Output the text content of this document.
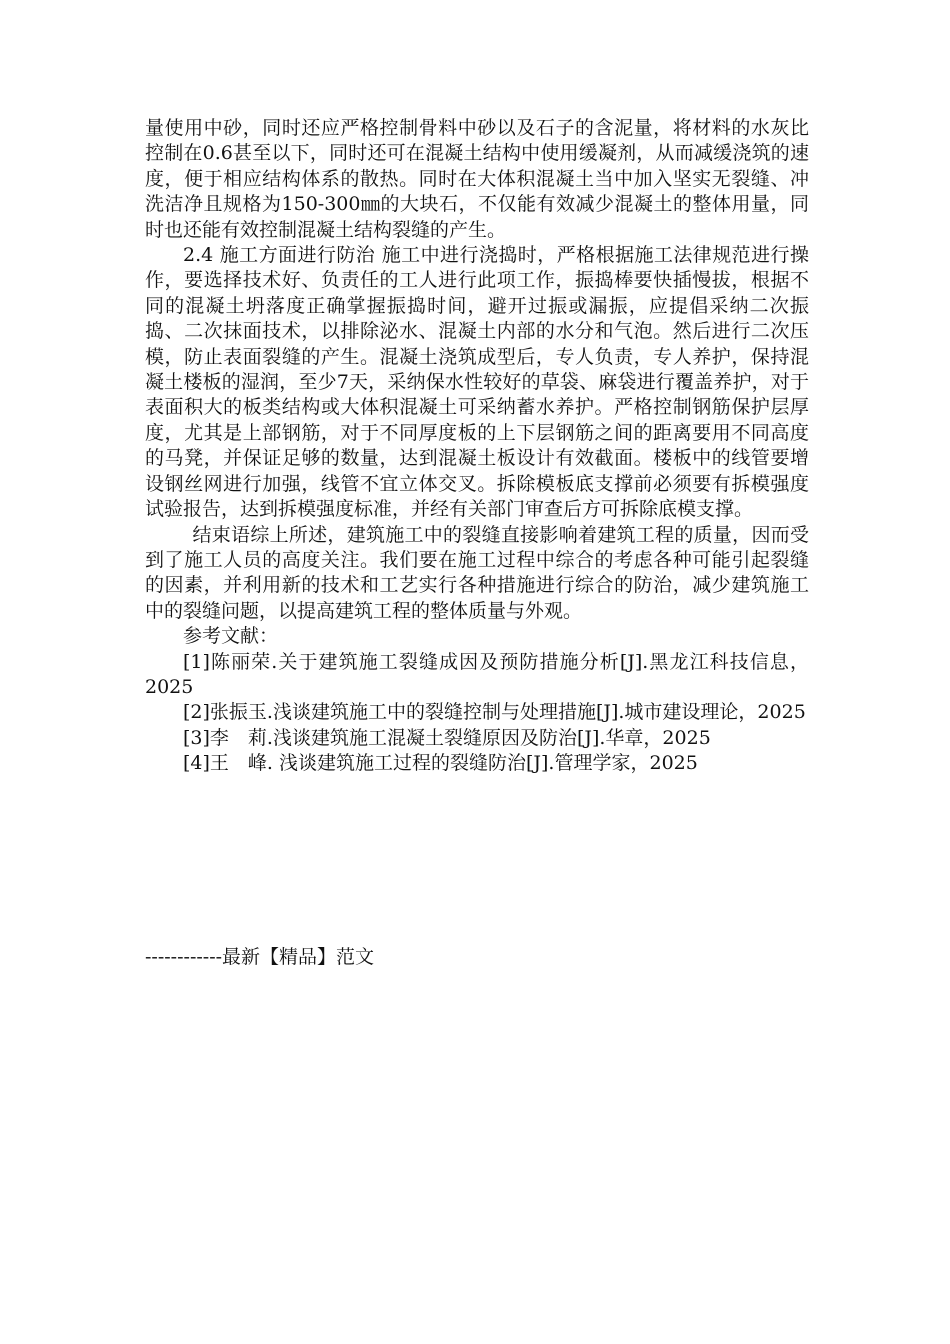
量使用中砂，同时还应严格控制骨料中砂以及石子的含泥量，将材料的水灰比控制在0.6甚至以下，同时还可在混凝土结构中使用缓凝剂，从而减缓浇筑的速度，便于相应结构体系的散热。同时在大体积混凝土当中加入坚实无裂缝、冲洗洁净且规格为150-300㎜的大块石，不仅能有效减少混凝土的整体用量，同时也还能有效控制混凝土结构裂缝的产生。

2.4 施工方面进行防治 施工中进行浇捣时，严格根据施工法律规范进行操作，要选择技术好、负责任的工人进行此项工作，振捣棒要快插慢拔，根据不同的混凝土坍落度正确掌握振捣时间，避开过振或漏振，应提倡采纳二次振捣、二次抹面技术，以排除泌水、混凝土内部的水分和气泡。然后进行二次压模，防止表面裂缝的产生。混凝土浇筑成型后，专人负责，专人养护，保持混凝土楼板的湿润，至少7天，采纳保水性较好的草袋、麻袋进行覆盖养护，对于表面积大的板类结构或大体积混凝土可采纳蓄水养护。严格控制钢筋保护层厚度，尤其是上部钢筋，对于不同厚度板的上下层钢筋之间的距离要用不同高度的马凳，并保证足够的数量，达到混凝土板设计有效截面。楼板中的线管要增设钢丝网进行加强，线管不宜立体交叉。拆除模板底支撑前必须要有拆模强度试验报告，达到拆模强度标准，并经有关部门审查后方可拆除底模支撑。

结束语综上所述，建筑施工中的裂缝直接影响着建筑工程的质量，因而受到了施工人员的高度关注。我们要在施工过程中综合的考虑各种可能引起裂缝的因素，并利用新的技术和工艺实行各种措施进行综合的防治，减少建筑施工中的裂缝问题，以提高建筑工程的整体质量与外观。

参考文献：

[1]陈丽荣.关于建筑施工裂缝成因及预防措施分析[J].黑龙江科技信息，2025

[2]张振玉.浅谈建筑施工中的裂缝控制与处理措施[J].城市建设理论，2025

[3]李　莉.浅谈建筑施工混凝土裂缝原因及防治[J].华章，2025

[4]王　峰. 浅谈建筑施工过程的裂缝防治[J].管理学家，2025

------------最新【精品】范文
